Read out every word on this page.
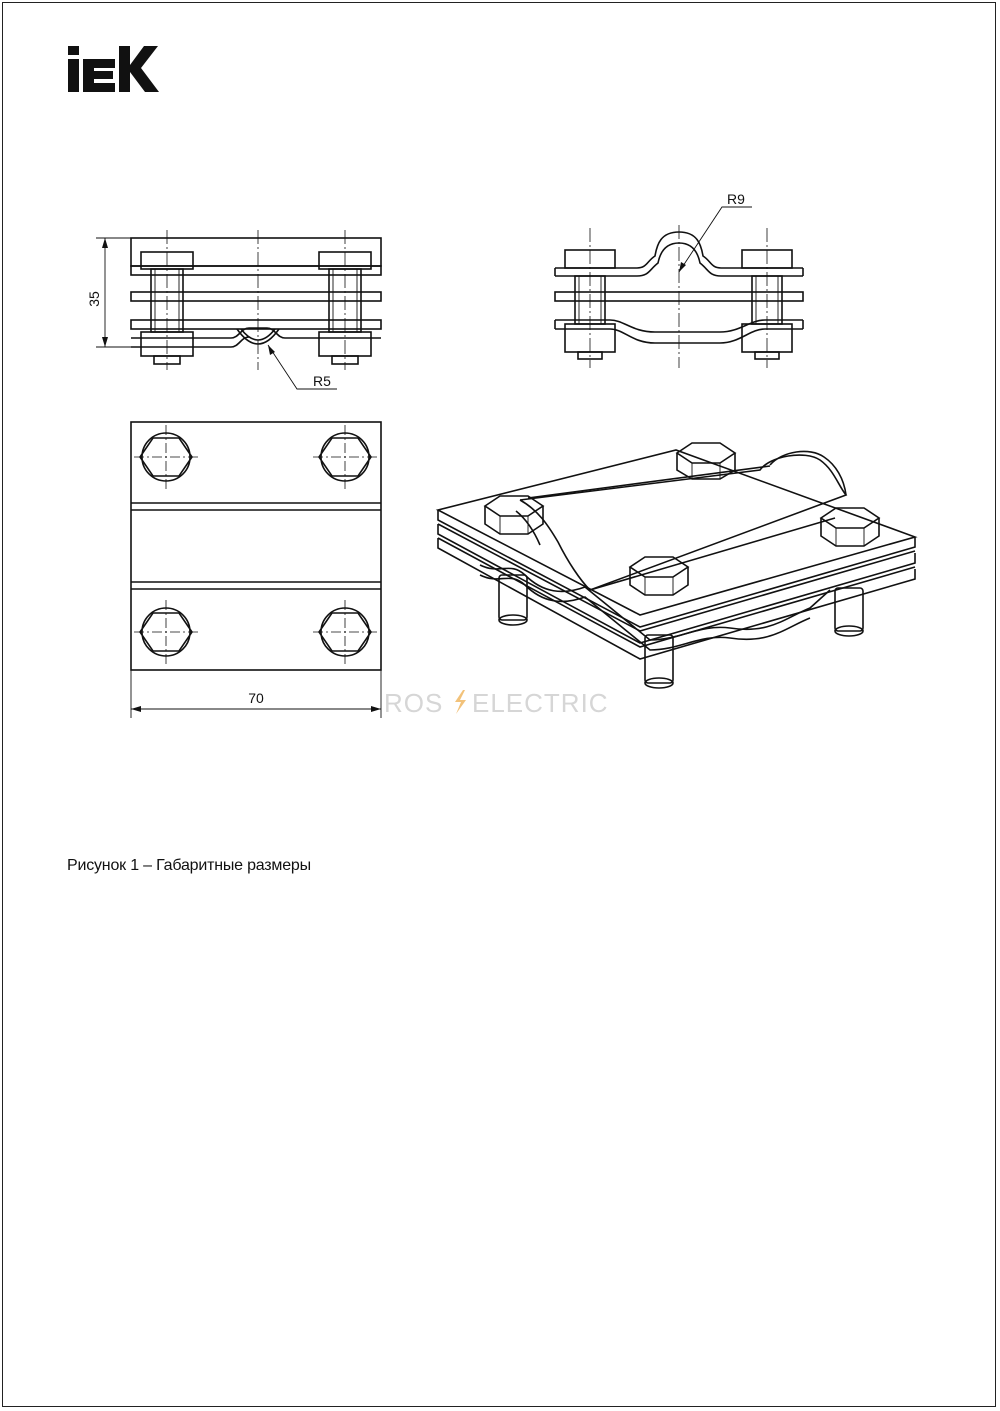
35
R5
R9
70	ROS ELECTRIC
Рисунок 1 – Габаритные размеры
